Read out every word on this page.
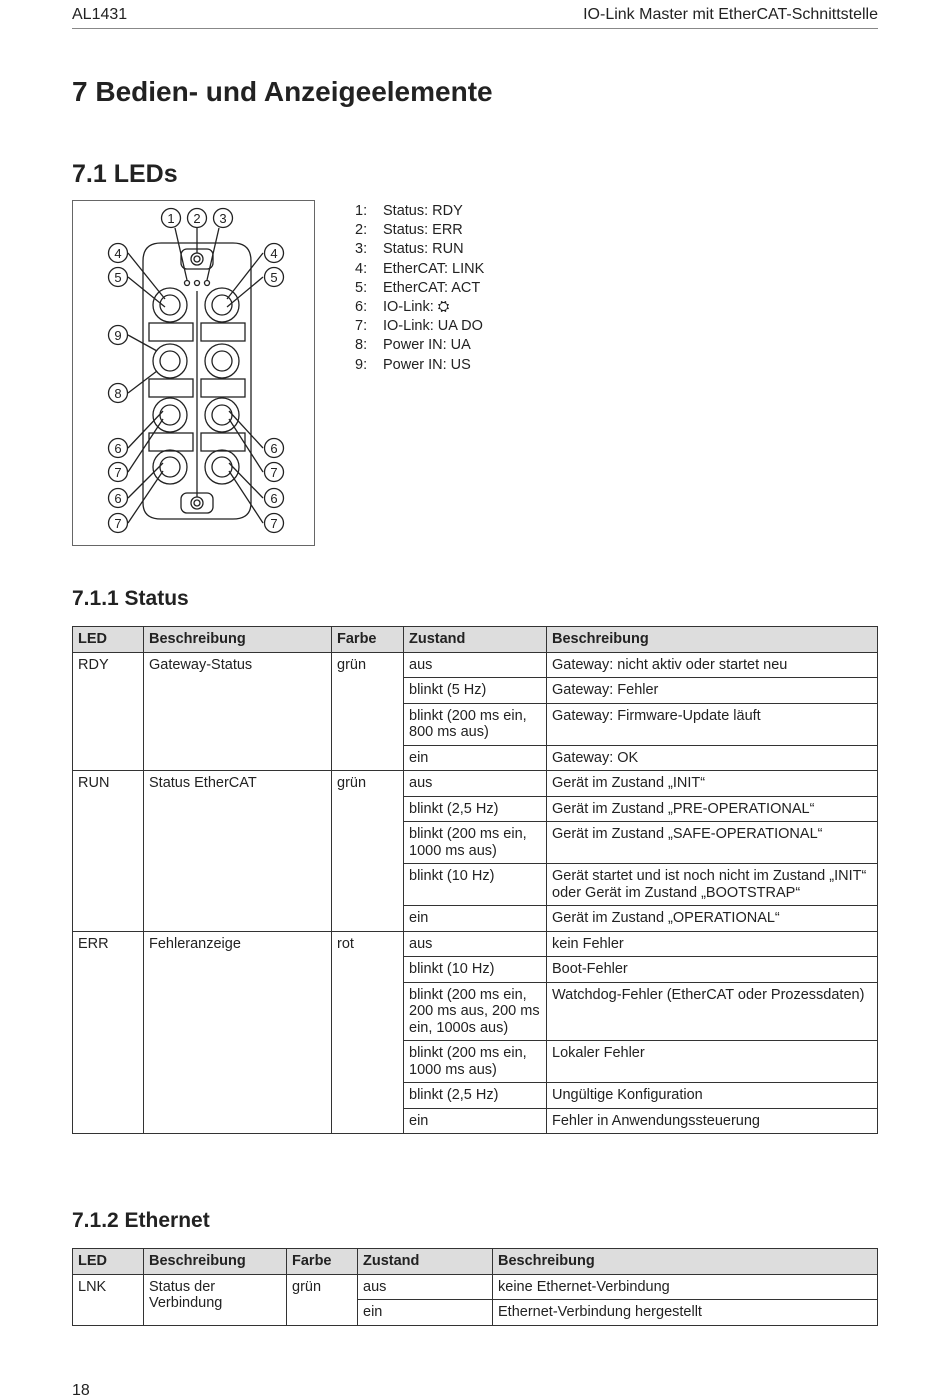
AL1431	IO-Link Master mit EtherCAT-Schnittstelle
7 Bedien- und Anzeigeelemente
7.1 LEDs
1 2 3
4
5
9
8
6
7
6
7
4
5
6
7
6
7
1:	Status: RDY
2:	Status: ERR
3:	Status: RUN
4:	EtherCAT: LINK
5:	EtherCAT: ACT
6:	IO-Link: ⛭
7:	IO-Link: UA DO
8:	Power IN: UA
9:	Power IN: US
7.1.1 Status
LED	Beschreibung	Farbe	Zustand	Beschreibung
RDY	Gateway-Status	grün	aus	Gateway: nicht aktiv oder startet neu
			blinkt (5 Hz)	Gateway: Fehler
			blinkt (200 ms ein, 800 ms aus)	Gateway: Firmware-Update läuft
			ein	Gateway: OK
RUN	Status EtherCAT	grün	aus	Gerät im Zustand „INIT“
			blinkt (2,5 Hz)	Gerät im Zustand „PRE-OPERATIONAL“
			blinkt (200 ms ein, 1000 ms aus)	Gerät im Zustand „SAFE-OPERATIONAL“
			blinkt (10 Hz)	Gerät startet und ist noch nicht im Zustand „INIT“ oder Gerät im Zustand „BOOTSTRAP“
			ein	Gerät im Zustand „OPERATIONAL“
ERR	Fehleranzeige	rot	aus	kein Fehler
			blinkt (10 Hz)	Boot-Fehler
			blinkt (200 ms ein, 200 ms aus, 200 ms ein, 1000s aus)	Watchdog-Fehler (EtherCAT oder Prozessdaten)
			blinkt (200 ms ein, 1000 ms aus)	Lokaler Fehler
			blinkt (2,5 Hz)	Ungültige Konfiguration
			ein	Fehler in Anwendungssteuerung
7.1.2 Ethernet
LED	Beschreibung	Farbe	Zustand	Beschreibung
LNK	Status der Verbindung	grün	aus	keine Ethernet-Verbindung
			ein	Ethernet-Verbindung hergestellt
18
